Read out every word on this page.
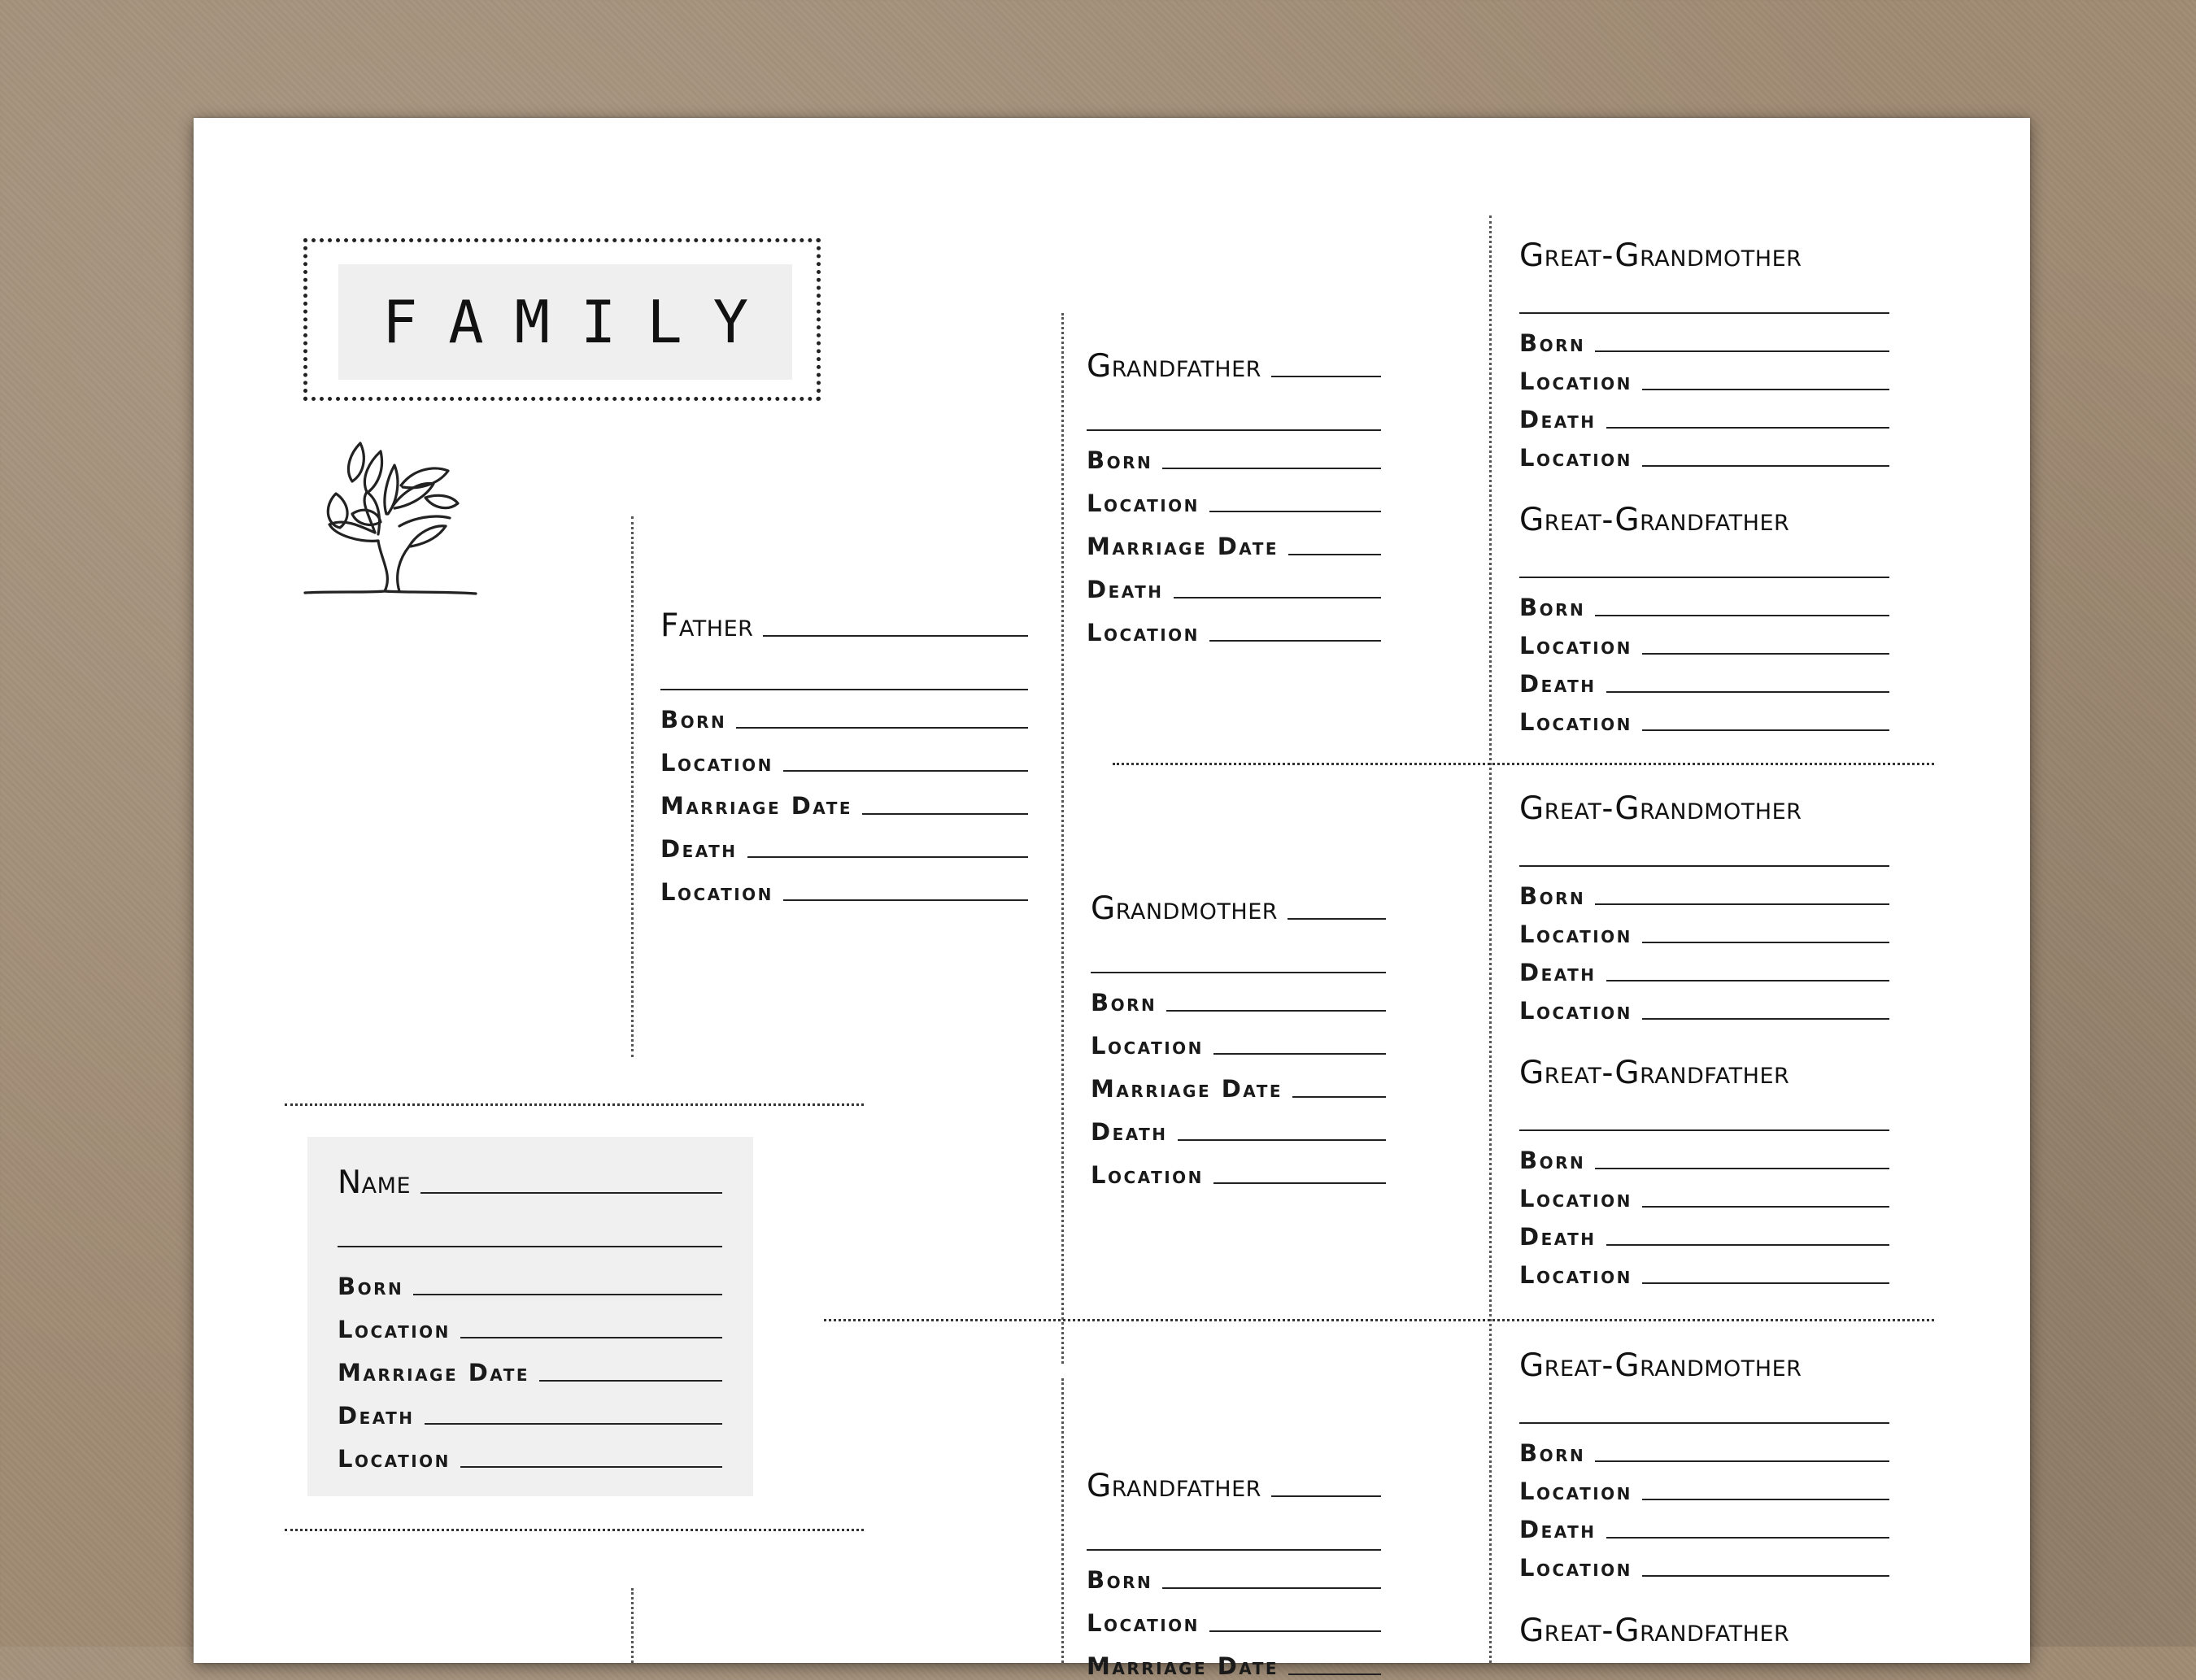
FAMILY
Name
Born
Location
Marriage Date
Death
Location
Father
Born
Location
Marriage Date
Death
Location
Grandfather
Born
Location
Marriage Date
Death
Location
Grandmother
Born
Location
Marriage Date
Death
Location
Grandfather
Born
Location
Marriage Date
Great-Grandmother
Born
Location
Death
Location
Great-Grandfather
Born
Location
Death
Location
Great-Grandmother
Born
Location
Death
Location
Great-Grandfather
Born
Location
Death
Location
Great-Grandmother
Born
Location
Death
Location
Great-Grandfather
